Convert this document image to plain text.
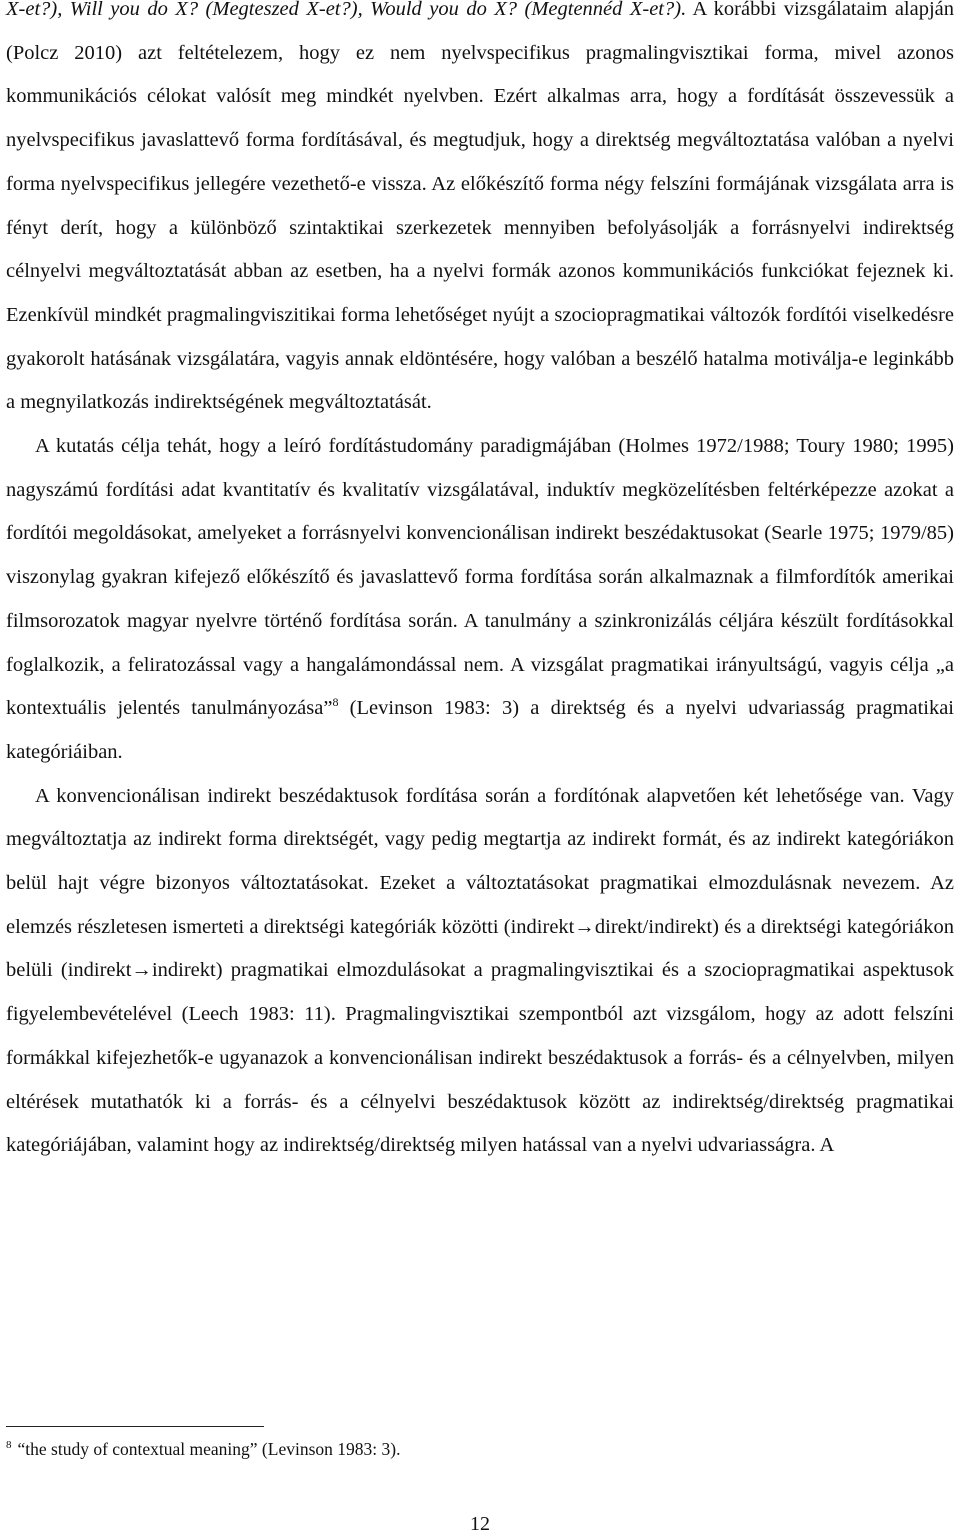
X-et?), Will you do X? (Megteszed X-et?), Would you do X? (Megtennéd X-et?). A korábbi vizsgálataim alapján (Polcz 2010) azt feltételezem, hogy ez nem nyelvspecifikus pragmalingvisztikai forma, mivel azonos kommunikációs célokat valósít meg mindkét nyelvben. Ezért alkalmas arra, hogy a fordítását összevessük a nyelvspecifikus javaslattevő forma fordításával, és megtudjuk, hogy a direktség megváltoztatása valóban a nyelvi forma nyelvspecifikus jellegére vezethető-e vissza. Az előkészítő forma négy felszíni formájának vizsgálata arra is fényt derít, hogy a különböző szintaktikai szerkezetek mennyiben befolyásolják a forrásnyelvi indirektség célnyelvi megváltoztatását abban az esetben, ha a nyelvi formák azonos kommunikációs funkciókat fejeznek ki. Ezenkívül mindkét pragmalingviszitikai forma lehetőséget nyújt a szociopragmatikai változók fordítói viselkedésre gyakorolt hatásának vizsgálatára, vagyis annak eldöntésére, hogy valóban a beszélő hatalma motiválja-e leginkább a megnyilatkozás indirektségének megváltoztatását.

A kutatás célja tehát, hogy a leíró fordítástudomány paradigmájában (Holmes 1972/1988; Toury 1980; 1995) nagyszámú fordítási adat kvantitatív és kvalitatív vizsgálatával, induktív megközelítésben feltérképezze azokat a fordítói megoldásokat, amelyeket a forrásnyelvi konvencionálisan indirekt beszédaktusokat (Searle 1975; 1979/85) viszonylag gyakran kifejező előkészítő és javaslattevő forma fordítása során alkalmaznak a filmfordítók amerikai filmsorozatok magyar nyelvre történő fordítása során. A tanulmány a szinkronizálás céljára készült fordításokkal foglalkozik, a feliratozással vagy a hangalámondással nem. A vizsgálat pragmatikai irányultságú, vagyis célja „a kontextuális jelentés tanulmányozása”$^8$ (Levinson 1983: 3) a direktség és a nyelvi udvariasság pragmatikai kategóriáiban.

A konvencionálisan indirekt beszédaktusok fordítása során a fordítónak alapvetően két lehetősége van. Vagy megváltoztatja az indirekt forma direktségét, vagy pedig megtartja az indirekt formát, és az indirekt kategóriákon belül hajt végre bizonyos változtatásokat. Ezeket a változtatásokat pragmatikai elmozdulásnak nevezem. Az elemzés részletesen ismerteti a direktségi kategóriák közötti (indirekt→direkt/indirekt) és a direktségi kategóriákon belüli (indirekt→indirekt) pragmatikai elmozdulásokat a pragmalingvisztikai és a szociopragmatikai aspektusok figyelembevételével (Leech 1983: 11). Pragmalingvisztikai szempontból azt vizsgálom, hogy az adott felszíni formákkal kifejezhetők-e ugyanazok a konvencionálisan indirekt beszédaktusok a forrás- és a célnyelvben, milyen eltérések mutathatók ki a forrás- és a célnyelvi beszédaktusok között az indirektség/direktség pragmatikai kategóriájában, valamint hogy az indirektség/direktség milyen hatással van a nyelvi udvariasságra. A

$^8$ “the study of contextual meaning” (Levinson 1983: 3).

12
